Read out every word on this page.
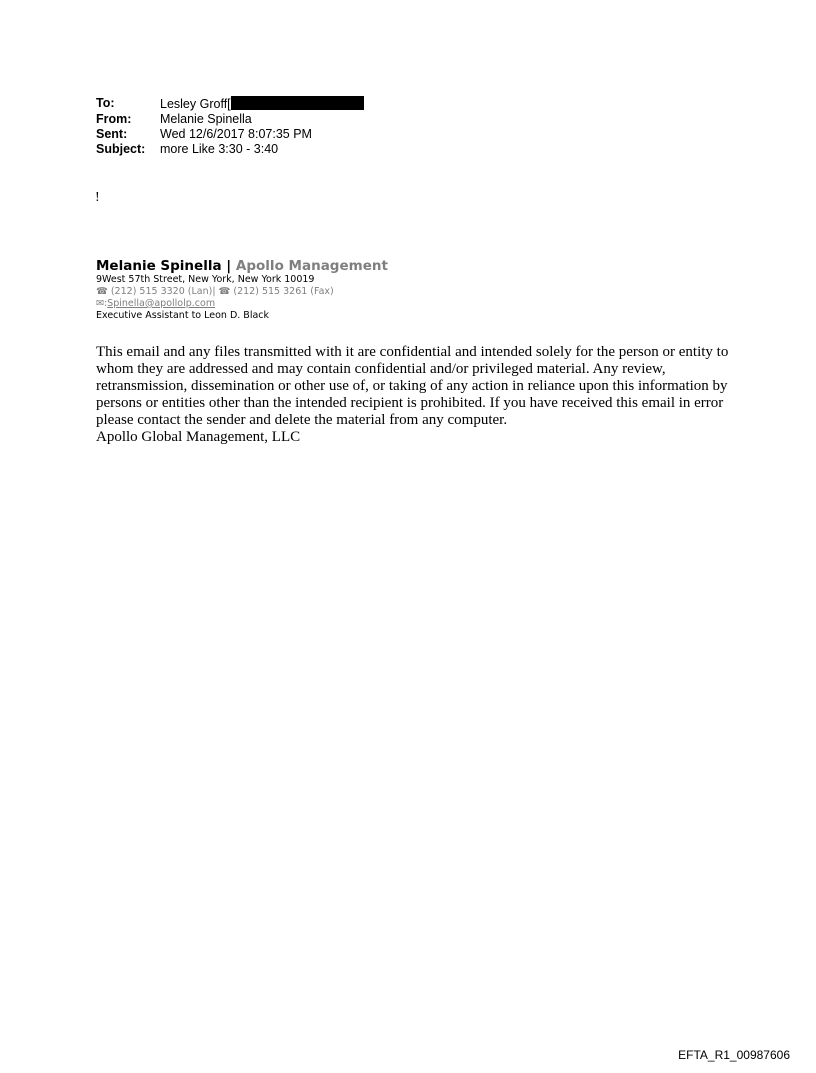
To:	Lesley Groff[
From:	Melanie Spinella
Sent:	Wed 12/6/2017 8:07:35 PM
Subject:	more Like 3:30 - 3:40
!
Melanie Spinella | Apollo Management
9West 57th Street, New York, New York 10019
☎ (212) 515 3320 (Lan)| ☎ (212) 515 3261 (Fax)
✉:Spinella@apollolp.com
Executive Assistant to Leon D. Black
This email and any files transmitted with it are confidential and intended solely for the person or entity to whom they are addressed and may contain confidential and/or privileged material. Any review, retransmission, dissemination or other use of, or taking of any action in reliance upon this information by persons or entities other than the intended recipient is prohibited. If you have received this email in error please contact the sender and delete the material from any computer.
Apollo Global Management, LLC
EFTA_R1_00987606
